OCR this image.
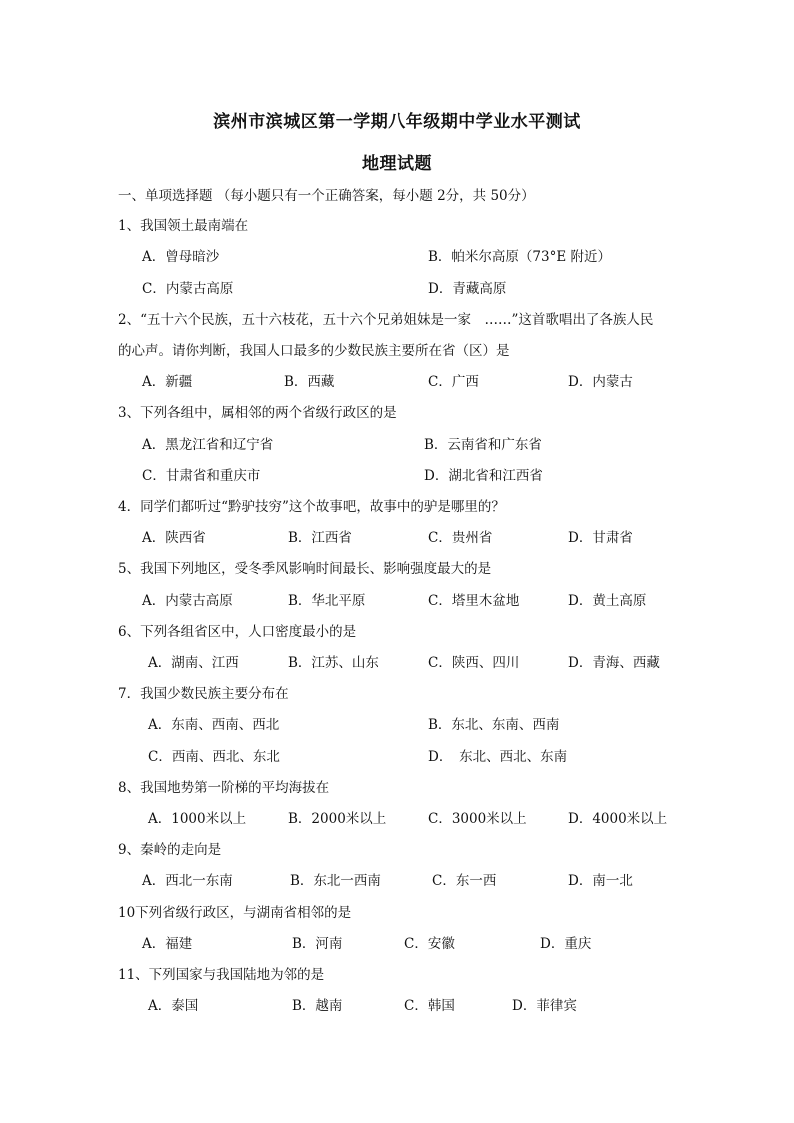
滨州市滨城区第一学期八年级期中学业水平测试
地理试题
一、单项选择题 （每小题只有一个正确答案，每小题 2分，共 50分）
1、我国领土最南端在
A．曾母暗沙	B．帕米尔高原（73°E 附近）
C．内蒙古高原	D．青藏高原
2、“五十六个民族，五十六枝花，五十六个兄弟姐妹是一家　……”这首歌唱出了各族人民
的心声。请你判断，我国人口最多的少数民族主要所在省（区）是
A．新疆	B．西藏	C．广西	D．内蒙古
3、下列各组中，属相邻的两个省级行政区的是
A．黑龙江省和辽宁省	B．云南省和广东省
C．甘肃省和重庆市	D．湖北省和江西省
4．同学们都听过“黔驴技穷”这个故事吧，故事中的驴是哪里的？
A．陕西省	B．江西省	C．贵州省	D．甘肃省
5、我国下列地区，受冬季风影响时间最长、影响强度最大的是
A．内蒙古高原	B．华北平原	C．塔里木盆地	D．黄土高原
6、下列各组省区中，人口密度最小的是
A．湖南、江西	B．江苏、山东	C．陕西、四川	D．青海、西藏
7．我国少数民族主要分布在
A．东南、西南、西北	B．东北、东南、西南
C．西南、西北、东北	D．　东北、西北、东南
8、我国地势第一阶梯的平均海拔在
A．1000米以上	B．2000米以上	C．3000米以上	D．4000米以上
9、秦岭的走向是
A．西北一东南	B．东北一西南	C．东一西	D．南一北
10下列省级行政区，与湖南省相邻的是
A．福建	B．河南	C．安徽	D．重庆
11、下列国家与我国陆地为邻的是
A．泰国	B．越南	C．韩国	D．菲律宾
